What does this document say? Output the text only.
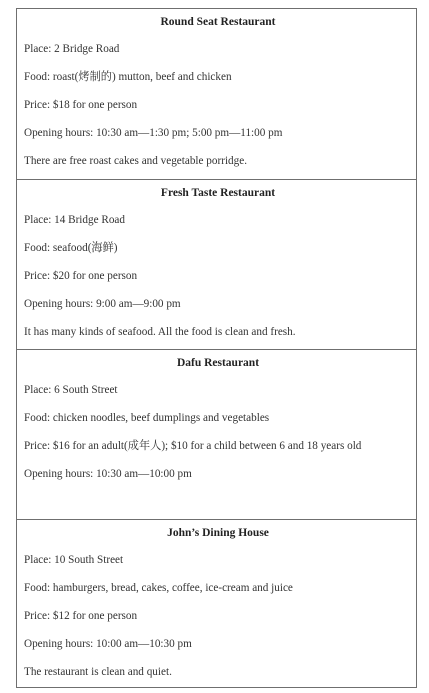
Round Seat Restaurant
Place: 2 Bridge Road
Food: roast(烤制的) mutton, beef and chicken
Price: $18 for one person
Opening hours: 10:30 am—1:30 pm; 5:00 pm—11:00 pm
There are free roast cakes and vegetable porridge.
Fresh Taste Restaurant
Place: 14 Bridge Road
Food: seafood(海鲜)
Price: $20 for one person
Opening hours: 9:00 am—9:00 pm
It has many kinds of seafood. All the food is clean and fresh.
Dafu Restaurant
Place: 6 South Street
Food: chicken noodles, beef dumplings and vegetables
Price: $16 for an adult(成年人); $10 for a child between 6 and 18 years old
Opening hours: 10:30 am—10:00 pm
John’s Dining House
Place: 10 South Street
Food: hamburgers, bread, cakes, coffee, ice-cream and juice
Price: $12 for one person
Opening hours: 10:00 am—10:30 pm
The restaurant is clean and quiet.
